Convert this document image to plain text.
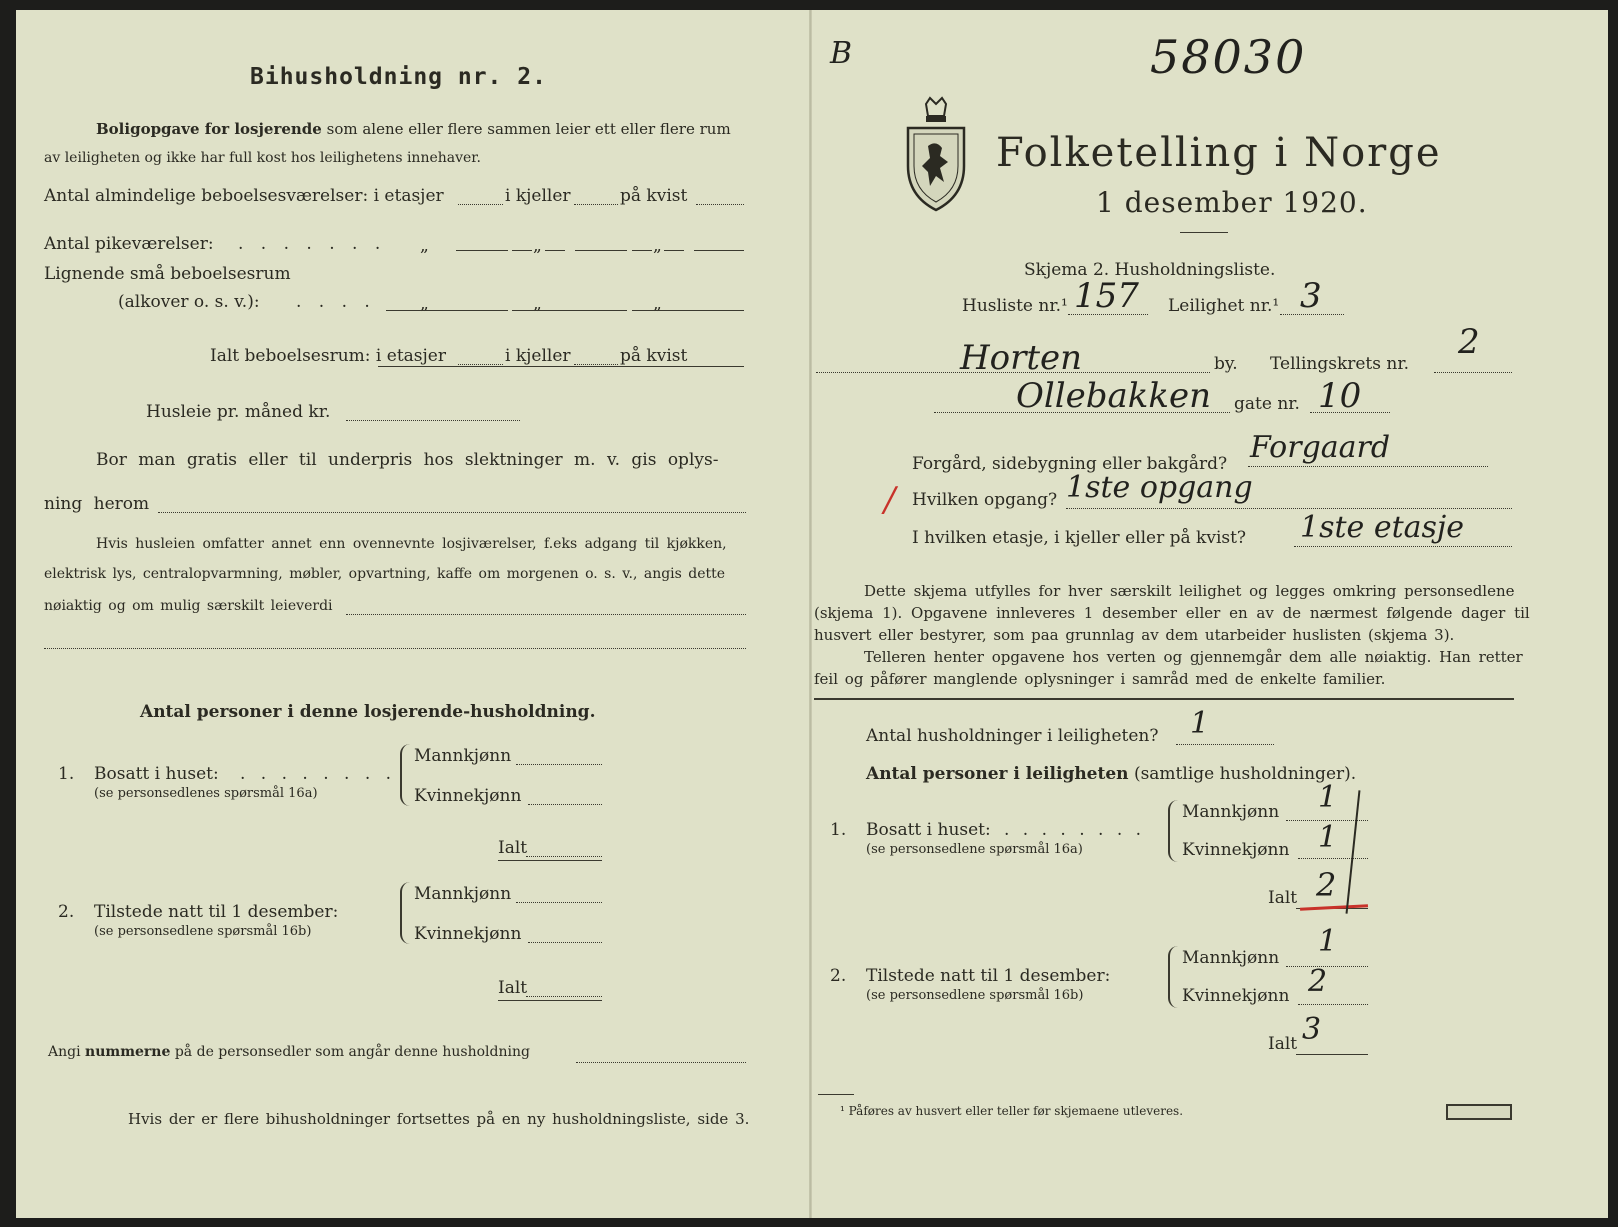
Bihusholdning nr. 2.
Boligopgave for losjerende som alene eller flere sammen leier ett eller flere rum
av leiligheten og ikke har full kost hos leilighetens innehaver.
Antal almindelige beboelsesværelser: i etasjer	i kjeller	på kvist
Antal pikeværelser: . . . . . . . „	„	„
Lignende små beboelsesrum
(alkover o. s. v.): . . . .	„	„	„
Ialt beboelsesrum: i etasjer	i kjeller	på kvist
Husleie pr. måned kr.
Bor man gratis eller til underpris hos slektninger m. v. gis oplys-
ning herom
Hvis husleien omfatter annet enn ovennevnte losjiværelser, f.eks adgang til kjøkken,
elektrisk lys, centralopvarmning, møbler, opvartning, kaffe om morgenen o. s. v., angis dette
nøiaktig og om mulig særskilt leieverdi
Antal personer i denne losjerende-husholdning.
1. Bosatt i huset: . . . . . . . .
(se personsedlenes spørsmål 16a)
Mannkjønn
Kvinnekjønn
Ialt
2. Tilstede natt til 1 desember:
(se personsedlene spørsmål 16b)
Mannkjønn
Kvinnekjønn
Ialt
Angi nummerne på de personsedler som angår denne husholdning
Hvis der er flere bihusholdninger fortsettes på en ny husholdningsliste, side 3.
B	58030
Folketelling i Norge
1 desember 1920.
Skjema 2. Husholdningsliste.
Husliste nr.¹ 157 Leilighet nr.¹ 3
Horten	by. Tellingskrets nr.
2
Ollebakken gate nr. 10
Forgård, sidebygning eller bakgård? Forgaard
/ Hvilken opgang? 1ste opgang
I hvilken etasje, i kjeller eller på kvist? 1ste etasje
Dette skjema utfylles for hver særskilt leilighet og legges omkring personsedlene
(skjema 1). Opgavene innleveres 1 desember eller en av de nærmest følgende dager til
husvert eller bestyrer, som paa grunnlag av dem utarbeider huslisten (skjema 3).
Telleren henter opgavene hos verten og gjennemgår dem alle nøiaktig. Han retter
feil og påfører manglende oplysninger i samråd med de enkelte familier.
Antal husholdninger i leiligheten? 1
Antal personer i leiligheten (samtlige husholdninger).
1. Bosatt i huset: . . . . . . . .
(se personsedlene spørsmål 16a)
Mannkjønn 1
Kvinnekjønn 1
Ialt 2
2. Tilstede natt til 1 desember:
(se personsedlene spørsmål 16b)
Mannkjønn 1
Kvinnekjønn 2
Ialt 3
¹ Påføres av husvert eller teller før skjemaene utleveres.
